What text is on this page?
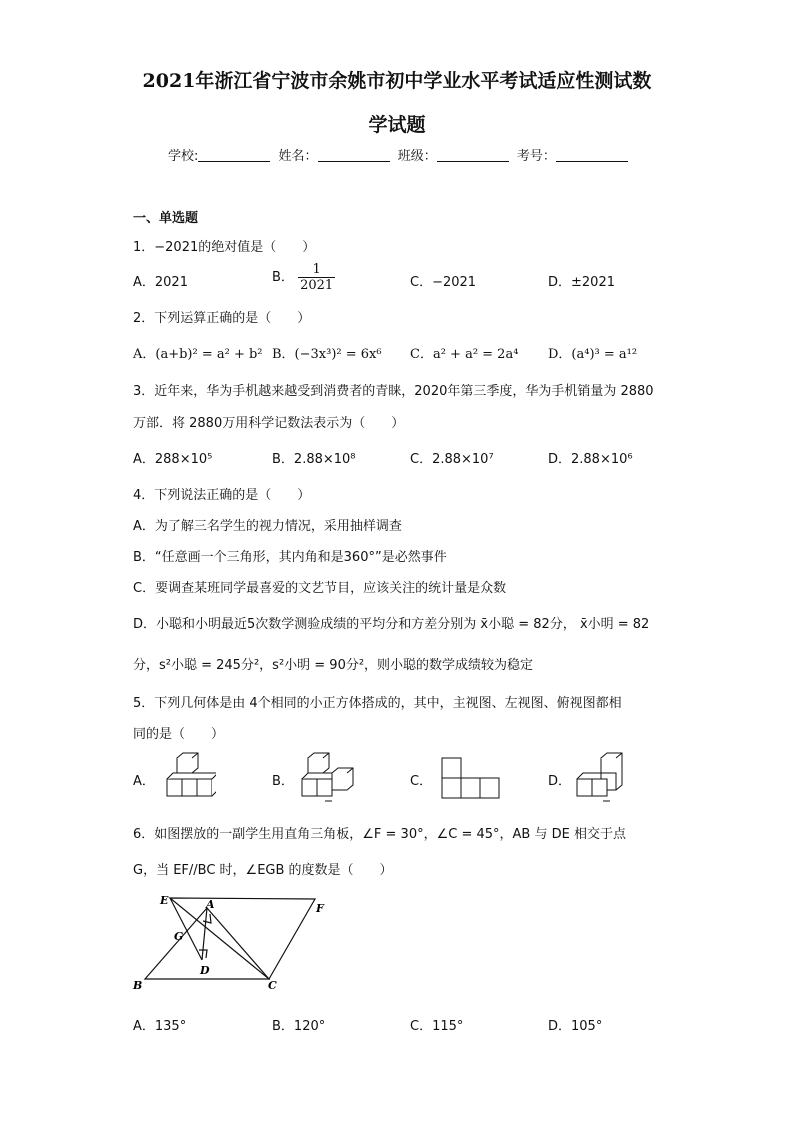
2021年浙江省宁波市余姚市初中学业水平考试适应性测试数
学试题
学校:	姓名：	班级：	考号：
一、单选题
1．−2021的绝对值是（　　）
A．2021	B． $\frac{1}{2021}$	C．−2021	D．±2021
2．下列运算正确的是（　　）
A．(a+b)² = a² + b² B．(−3x³)² = 6x⁶ C．a² + a² = 2a⁴ D．(a⁴)³ = a¹²
3．近年来，华为手机越来越受到消费者的青睐，2020年第三季度，华为手机销量为 2880
万部．将 2880万用科学记数法表示为（　　）
A．288×10⁵	B．2.88×10⁸	C．2.88×10⁷	D．2.88×10⁶
4．下列说法正确的是（　　）
A．为了解三名学生的视力情况，采用抽样调查
B．“任意画一个三角形，其内角和是360°”是必然事件
C．要调查某班同学最喜爱的文艺节目，应该关注的统计量是众数
D．小聪和小明最近5次数学测验成绩的平均分和方差分别为 x̄小聪 = 82分， x̄小明 = 82
分，s²小聪 = 245分²，s²小明 = 90分²，则小聪的数学成绩较为稳定
5．下列几何体是由 4个相同的小正方体搭成的，其中，主视图、左视图、俯视图都相
同的是（　　）
A．	B．	C．	D．
6．如图摆放的一副学生用直角三角板，∠F = 30°，∠C = 45°，AB 与 DE 相交于点
G，当 EF//BC 时，∠EGB 的度数是（　　）
E
F
A
G
D
B	C
A．135°	B．120°	C．115°	D．105°
